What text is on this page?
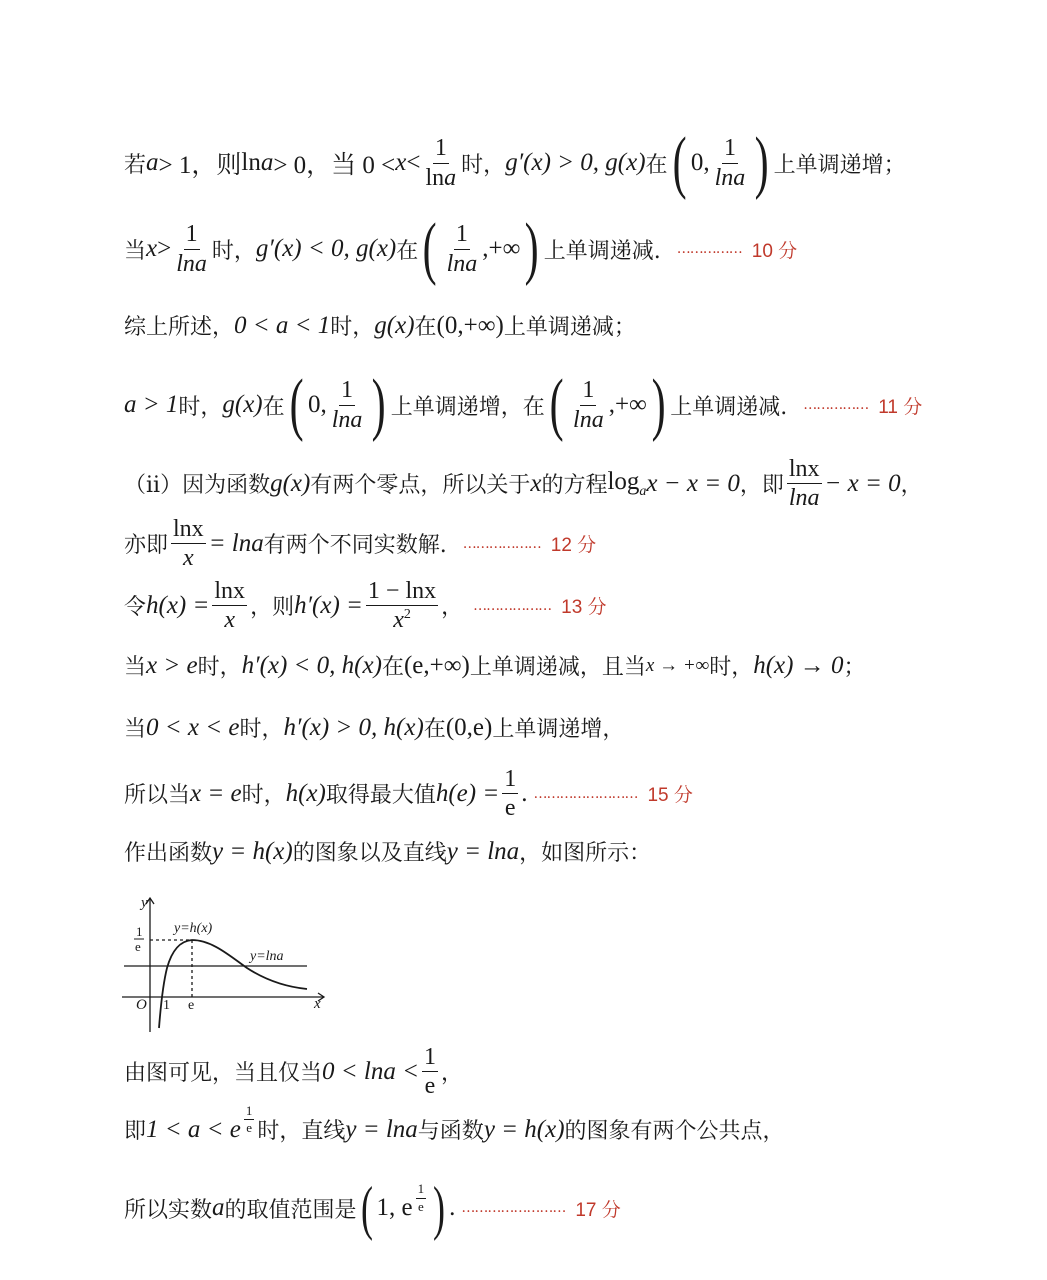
若 a > 1，则 ln a > 0，当 $0 < x < \frac{1}{\ln a}$ 时， g′(x) > 0, g(x) 在 ( 0, $\frac{1}{\ln a}$ ) 上单调递增；
当 $x > \frac{1}{\ln a}$ 时， g′(x) < 0, g(x) 在 ( $\frac{1}{\ln a}$ ,+∞ ) 上单调递减. …………… 10 分
综上所述， 0 < a < 1 时， g(x) 在 (0,+∞) 上单调递减；
a > 1 时， g(x) 在 ( 0, $\frac{1}{\ln a}$ ) 上单调递增，在 ( $\frac{1}{\ln a}$ ,+∞ ) 上单调递减. …………… 11 分
（ii）因为函数 g(x) 有两个零点，所以关于 x 的方程 $\log_a x - x = 0$ ，即 $\frac{\ln x}{\ln a} - x = 0$ ，
亦即 $\frac{\ln x}{x} = \ln a$ 有两个不同实数解. ……………… 12 分
令 $h(x) = \frac{\ln x}{x}$ ，则 $h'(x) = \frac{1 - \ln x}{x^2}$ ， ……………… 13 分
当 x > e 时， h′(x) < 0, h(x) 在 (e,+∞) 上单调递减，且当 x → +∞ 时， h(x) → 0 ；
当 0 < x < e 时， h′(x) > 0, h(x) 在 (0,e) 上单调递增，
所以当 x = e 时， h(x) 取得最大值 $h(e) = \frac{1}{e}$ . …………………… 15 分
作出函数 y = h(x) 的图象以及直线 y = lna ，如图所示：
y
x
O 1 e
1
e
y=h(x)
y=lna
由图可见，当且仅当 $0 < \ln a < \frac{1}{e}$ ，
即 1 < a < e $\frac{1}{e}$ 时，直线 y = lna 与函数 y = h(x) 的图象有两个公共点，
所以实数 a 的取值范围是 ( 1, e $\frac{1}{e}$ ) . …………………… 17 分
